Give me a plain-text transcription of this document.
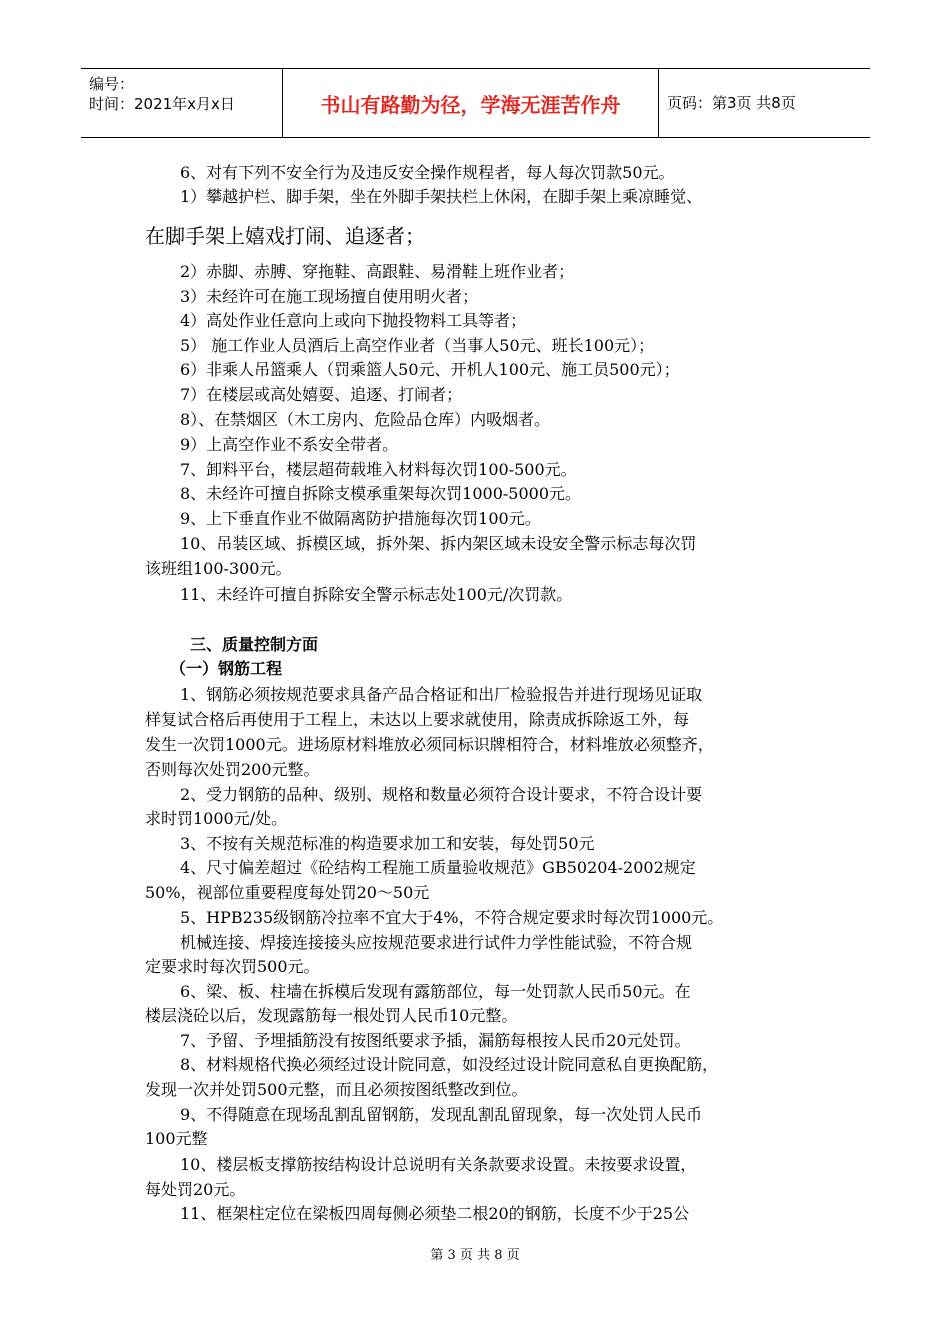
编号：
时间：2021年x月x日	书山有路勤为径，学海无涯苦作舟	页码：第3页 共8页
6、对有下列不安全行为及违反安全操作规程者，每人每次罚款50元。
1）攀越护栏、脚手架，坐在外脚手架扶栏上休闲，在脚手架上乘凉睡觉、
在脚手架上嬉戏打闹、追逐者；
2）赤脚、赤膊、穿拖鞋、高跟鞋、易滑鞋上班作业者；
3）未经许可在施工现场擅自使用明火者；
4）高处作业任意向上或向下抛投物料工具等者；
5） 施工作业人员酒后上高空作业者（当事人50元、班长100元）；
6）非乘人吊篮乘人（罚乘篮人50元、开机人100元、施工员500元）；
7）在楼层或高处嬉耍、追逐、打闹者；
8）、在禁烟区（木工房内、危险品仓库）内吸烟者。
9）上高空作业不系安全带者。
7、卸料平台，楼层超荷载堆入材料每次罚100-500元。
8、未经许可擅自拆除支模承重架每次罚1000-5000元。
9、上下垂直作业不做隔离防护措施每次罚100元。
10、吊装区域、拆模区域，拆外架、拆内架区域未设安全警示标志每次罚
该班组100-300元。
11、未经许可擅自拆除安全警示标志处100元/次罚款。
三、质量控制方面
（一）钢筋工程
1、钢筋必须按规范要求具备产品合格证和出厂检验报告并进行现场见证取
样复试合格后再使用于工程上，未达以上要求就使用，除责成拆除返工外，每
发生一次罚1000元。进场原材料堆放必须同标识牌相符合，材料堆放必须整齐，
否则每次处罚200元整。
2、受力钢筋的品种、级别、规格和数量必须符合设计要求，不符合设计要
求时罚1000元/处。
3、不按有关规范标准的构造要求加工和安装，每处罚50元
4、尺寸偏差超过《砼结构工程施工质量验收规范》GB50204-2002规定
50%，视部位重要程度每处罚20～50元
5、HPB235级钢筋冷拉率不宜大于4%，不符合规定要求时每次罚1000元。
机械连接、焊接连接接头应按规范要求进行试件力学性能试验，不符合规
定要求时每次罚500元。
6、梁、板、柱墙在拆模后发现有露筋部位，每一处罚款人民币50元。在
楼层浇砼以后，发现露筋每一根处罚人民币10元整。
7、予留、予埋插筋没有按图纸要求予插，漏筋每根按人民币20元处罚。
8、材料规格代换必须经过设计院同意，如没经过设计院同意私自更换配筋，
发现一次并处罚500元整，而且必须按图纸整改到位。
9、不得随意在现场乱割乱留钢筋，发现乱割乱留现象，每一次处罚人民币
100元整
10、楼层板支撑筋按结构设计总说明有关条款要求设置。未按要求设置，
每处罚20元。
11、框架柱定位在梁板四周每侧必须垫二根20的钢筋，长度不少于25公
第 3 页 共 8 页
